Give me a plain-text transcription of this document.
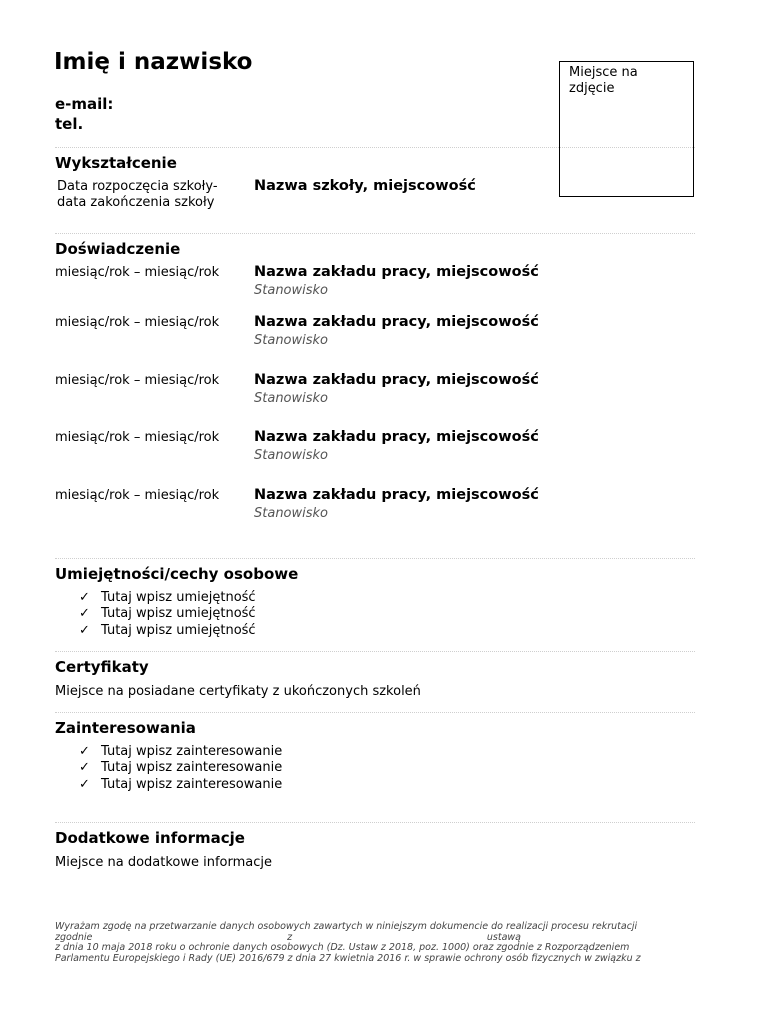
Imię i nazwisko
e-mail:
tel.
Miejsce na zdjęcie
Wykształcenie
Data rozpoczęcia szkoły-
data zakończenia szkoły
Nazwa szkoły, miejscowość
Doświadczenie
miesiąc/rok – miesiąc/rok Nazwa zakładu pracy, miejscowość
Stanowisko
miesiąc/rok – miesiąc/rok Nazwa zakładu pracy, miejscowość
Stanowisko
miesiąc/rok – miesiąc/rok Nazwa zakładu pracy, miejscowość
Stanowisko
miesiąc/rok – miesiąc/rok Nazwa zakładu pracy, miejscowość
Stanowisko
miesiąc/rok – miesiąc/rok Nazwa zakładu pracy, miejscowość
Stanowisko
Umiejętności/cechy osobowe
✓ Tutaj wpisz umiejętność
✓ Tutaj wpisz umiejętność
✓ Tutaj wpisz umiejętność
Certyfikaty
Miejsce na posiadane certyfikaty z ukończonych szkoleń
Zainteresowania
✓ Tutaj wpisz zainteresowanie
✓ Tutaj wpisz zainteresowanie
✓ Tutaj wpisz zainteresowanie
Dodatkowe informacje
Miejsce na dodatkowe informacje
Wyrażam zgodę na przetwarzanie danych osobowych zawartych w niniejszym dokumencie do realizacji procesu rekrutacji
zgodnie	z	ustawą
z dnia 10 maja 2018 roku o ochronie danych osobowych (Dz. Ustaw z 2018, poz. 1000) oraz zgodnie z Rozporządzeniem
Parlamentu Europejskiego i Rady (UE) 2016/679 z dnia 27 kwietnia 2016 r. w sprawie ochrony osób fizycznych w związku z
